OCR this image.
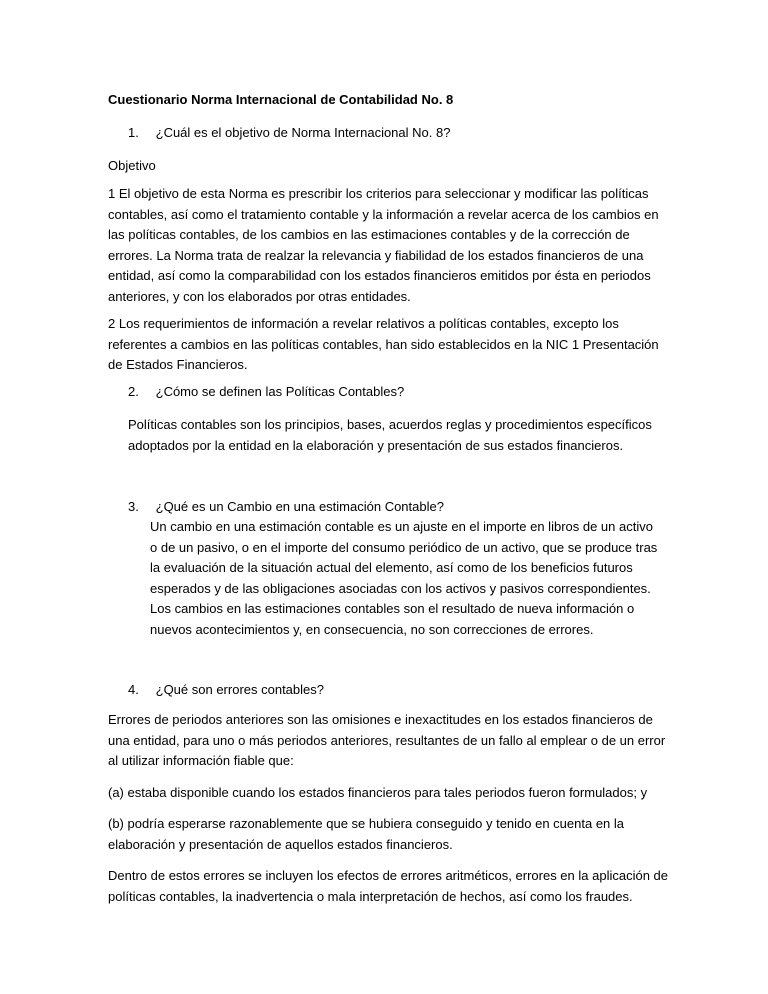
Cuestionario Norma Internacional de Contabilidad No. 8

1. ¿Cuál es el objetivo de Norma Internacional No. 8?

Objetivo

1 El objetivo de esta Norma es prescribir los criterios para seleccionar y modificar las políticas contables, así como el tratamiento contable y la información a revelar acerca de los cambios en las políticas contables, de los cambios en las estimaciones contables y de la corrección de errores. La Norma trata de realzar la relevancia y fiabilidad de los estados financieros de una entidad, así como la comparabilidad con los estados financieros emitidos por ésta en periodos anteriores, y con los elaborados por otras entidades.

2 Los requerimientos de información a revelar relativos a políticas contables, excepto los referentes a cambios en las políticas contables, han sido establecidos en la NIC 1 Presentación de Estados Financieros.

2. ¿Cómo se definen las Políticas Contables?

Políticas contables son los principios, bases, acuerdos reglas y procedimientos específicos adoptados por la entidad en la elaboración y presentación de sus estados financieros.

3. ¿Qué es un Cambio en una estimación Contable?

Un cambio en una estimación contable es un ajuste en el importe en libros de un activo o de un pasivo, o en el importe del consumo periódico de un activo, que se produce tras la evaluación de la situación actual del elemento, así como de los beneficios futuros esperados y de las obligaciones asociadas con los activos y pasivos correspondientes. Los cambios en las estimaciones contables son el resultado de nueva información o nuevos acontecimientos y, en consecuencia, no son correcciones de errores.

4. ¿Qué son errores contables?

Errores de periodos anteriores son las omisiones e inexactitudes en los estados financieros de una entidad, para uno o más periodos anteriores, resultantes de un fallo al emplear o de un error al utilizar información fiable que:

(a) estaba disponible cuando los estados financieros para tales periodos fueron formulados; y

(b) podría esperarse razonablemente que se hubiera conseguido y tenido en cuenta en la elaboración y presentación de aquellos estados financieros.

Dentro de estos errores se incluyen los efectos de errores aritméticos, errores en la aplicación de políticas contables, la inadvertencia o mala interpretación de hechos, así como los fraudes.
